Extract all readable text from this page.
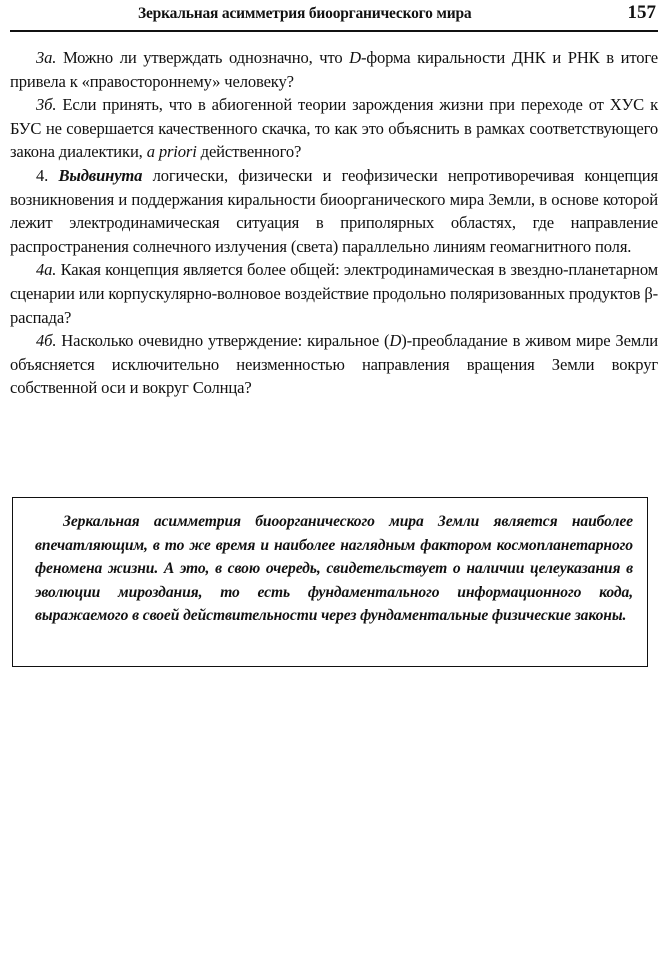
Зеркальная асимметрия биоорганического мира	157

3а. Можно ли утверждать однозначно, что D-форма киральности ДНК и РНК в итоге привела к «правостороннему» человеку?

3б. Если принять, что в абиогенной теории зарождения жизни при переходе от ХУС к БУС не совершается качественного скачка, то как это объяснить в рамках соответствующего закона диалектики, a priori действенного?

4. Выдвинута логически, физически и геофизически непротиворечивая концепция возникновения и поддержания киральности биоорганического мира Земли, в основе которой лежит электродинамическая ситуация в приполярных областях, где направление распространения солнечного излучения (света) параллельно линиям геомагнитного поля.

4а. Какая концепция является более общей: электродинамическая в звездно-планетарном сценарии или корпускулярно-волновое воздействие продольно поляризованных продуктов β-распада?

4б. Насколько очевидно утверждение: киральное (D)-преобладание в живом мире Земли объясняется исключительно неизменностью направления вращения Земли вокруг собственной оси и вокруг Солнца?

Зеркальная асимметрия биоорганического мира Земли является наиболее впечатляющим, в то же время и наиболее наглядным фактором космопланетарного феномена жизни. А это, в свою очередь, свидетельствует о наличии целеуказания в эволюции мироздания, то есть фундаментального информационного кода, выражаемого в своей действительности через фундаментальные физические законы.
